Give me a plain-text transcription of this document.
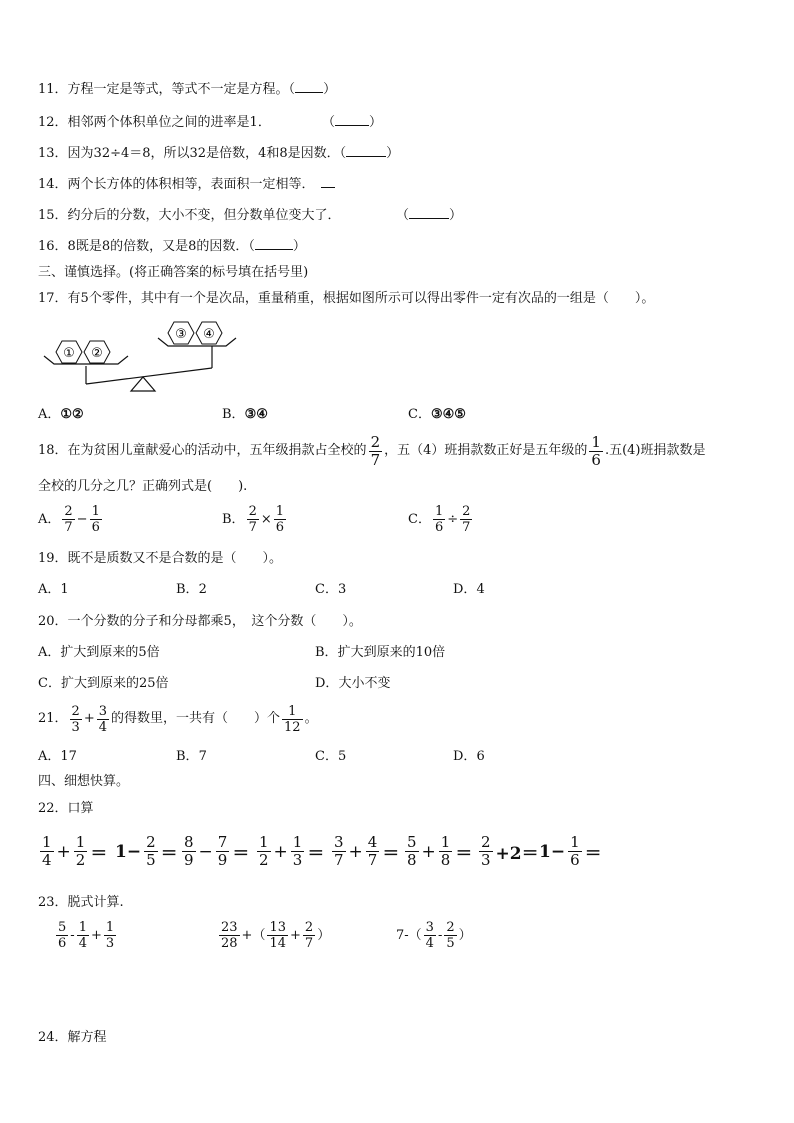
11．方程一定是等式，等式不一定是方程。（ ）
12．相邻两个体积单位之间的进率是1．	（	）
13．因为32÷4＝8，所以32是倍数，4和8是因数．（	）
14．两个长方体的体积相等，表面积一定相等．
15．约分后的分数，大小不变，但分数单位变大了．	（	）
16．8既是8的倍数，又是8的因数．（	）
三、谨慎选择。(将正确答案的标号填在括号里)
17．有5个零件，其中有一个是次品，重量稍重，根据如图所示可以得出零件一定有次品的一组是（　　）。
① ②
③ ④
A．①②	B．③④	C．③④⑤
18． 在为贫困儿童献爱心的活动中，五年级捐款占全校的 2
7 ，五（4）班捐款数正好是五年级的 1
6 .五(4)班捐款数是
全校的几分之几？正确列式是(　　).
A． 2
7
− $\frac{1}{6}$	B． $\frac{2}{7} \times \frac{1}{6}$	C． $\frac{1}{6} \div \frac{2}{7}$
19．既不是质数又不是合数的是（　　）。
A．1	B．2	C．3	D．4
20．一个分数的分子和分母都乘5，　这个分数（　　）。
A．扩大到原来的5倍	B．扩大到原来的10倍
C．扩大到原来的25倍	D．大小不变
21． 2
3
+ $\frac{3}{4}$ 的得数里，一共有（　　）个 1
12
。
A．17	B．7	C．5	D．6
四、细想快算。
22．口算
1
$4 + \frac{1}{2} = 1- \frac{2}{5}$ ＝
8
$9 - \frac{7}{9}$ ＝
1
$2 + \frac{1}{3}$ ＝
3
$7 + \frac{4}{7}$ ＝
5
$8 + \frac{1}{8}$ ＝
2
$3 +2= 1- \frac{1}{6}$ ＝
23．脱式计算.
5
6
- 1
4
+ $\frac{1}{3}$	23
28
+（ 13
14
+ $\frac{2}{7}$ ）	7-（ 3
4
- 2
5
）
24．解方程
